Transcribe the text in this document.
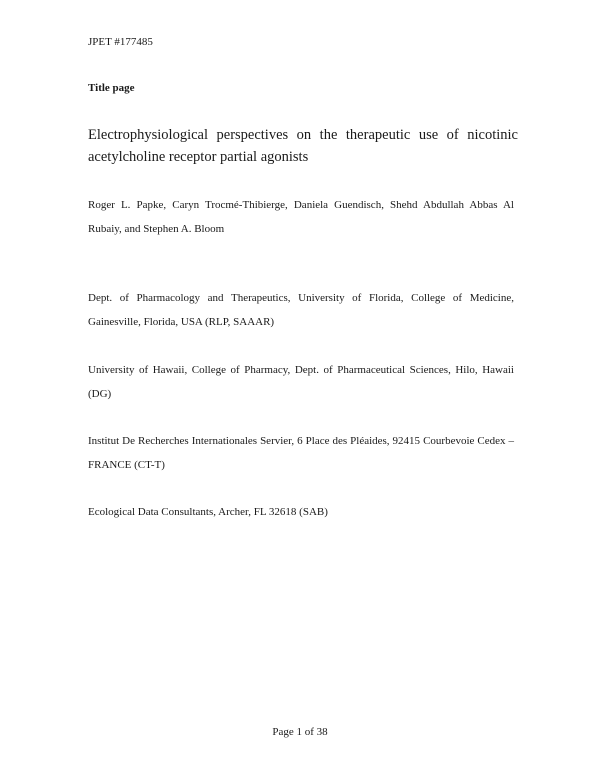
JPET #177485
Title page
Electrophysiological perspectives on the therapeutic use of nicotinic acetylcholine receptor partial agonists
Roger L. Papke, Caryn Trocmé-Thibierge, Daniela Guendisch, Shehd Abdullah Abbas Al Rubaiy, and Stephen A. Bloom
Dept. of Pharmacology and Therapeutics, University of Florida, College of Medicine, Gainesville, Florida, USA (RLP, SAAAR)
University of Hawaii, College of Pharmacy, Dept. of Pharmaceutical Sciences, Hilo, Hawaii (DG)
Institut De Recherches Internationales Servier, 6 Place des Pléaides, 92415 Courbevoie Cedex – FRANCE (CT-T)
Ecological Data Consultants, Archer, FL 32618 (SAB)
Page 1 of 38
